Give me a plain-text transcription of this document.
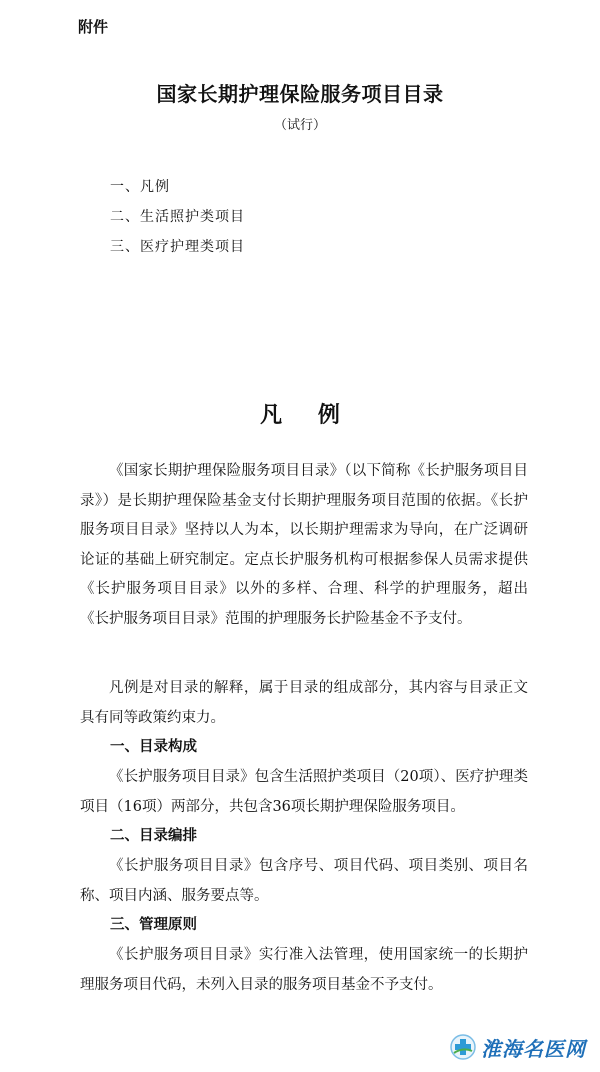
附件
国家长期护理保险服务项目目录
（试行）
一、凡例
二、生活照护类项目
三、医疗护理类项目
凡 例

《国家长期护理保险服务项目目录》（以下简称《长护服务项目目录》）是长期护理保险基金支付长期护理服务项目范围的依据。《长护服务项目目录》坚持以人为本，以长期护理需求为导向，在广泛调研论证的基础上研究制定。定点长护服务机构可根据参保人员需求提供《长护服务项目目录》以外的多样、合理、科学的护理服务，超出《长护服务项目目录》范围的护理服务长护险基金不予支付。

凡例是对目录的解释，属于目录的组成部分，其内容与目录正文具有同等政策约束力。

一、目录构成

《长护服务项目目录》包含生活照护类项目（20项）、医疗护理类项目（16项）两部分，共包含36项长期护理保险服务项目。

二、目录编排

《长护服务项目目录》包含序号、项目代码、项目类别、项目名称、项目内涵、服务要点等。

三、管理原则

《长护服务项目目录》实行准入法管理，使用国家统一的长期护理服务项目代码，未列入目录的服务项目基金不予支付。

淮海名医网
